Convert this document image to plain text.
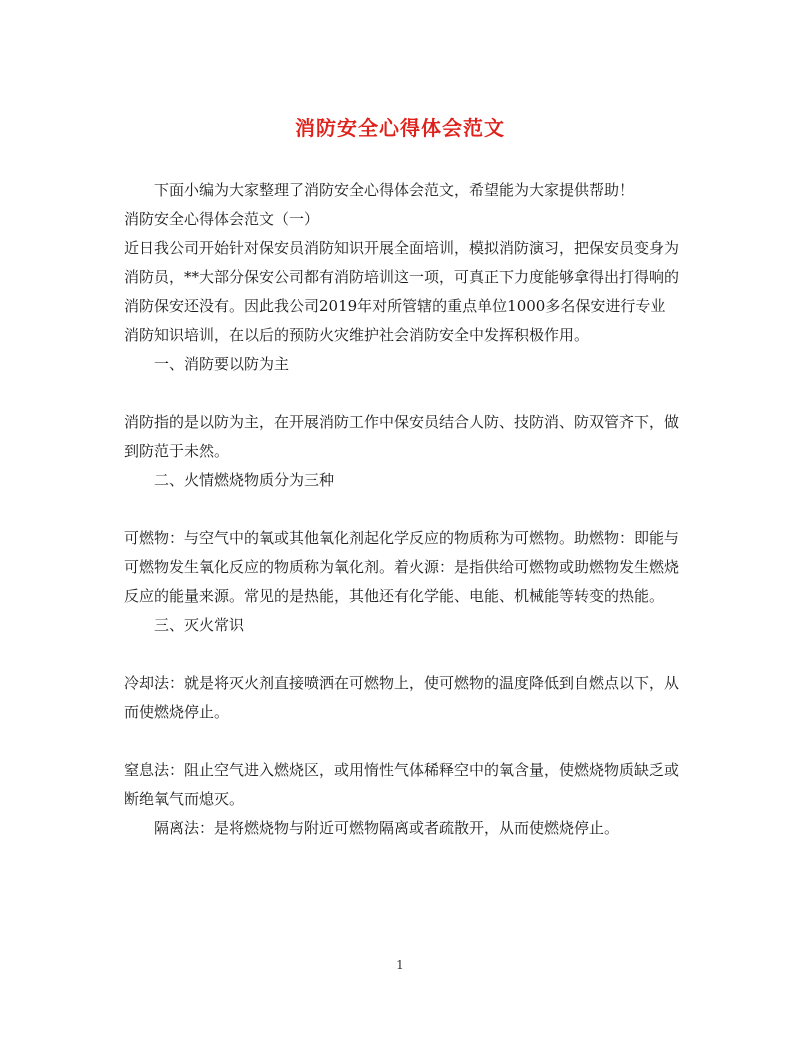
消防安全心得体会范文

下面小编为大家整理了消防安全心得体会范文，希望能为大家提供帮助！

消防安全心得体会范文（一）

近日我公司开始针对保安员消防知识开展全面培训，模拟消防演习，把保安员变身为消防员，**大部分保安公司都有消防培训这一项，可真正下力度能够拿得出打得响的消防保安还没有。因此我公司2019年对所管辖的重点单位1000多名保安进行专业消防知识培训，在以后的预防火灾维护社会消防安全中发挥积极作用。

一、消防要以防为主

消防指的是以防为主，在开展消防工作中保安员结合人防、技防消、防双管齐下，做到防范于未然。

二、火情燃烧物质分为三种

可燃物：与空气中的氧或其他氧化剂起化学反应的物质称为可燃物。助燃物：即能与可燃物发生氧化反应的物质称为氧化剂。着火源：是指供给可燃物或助燃物发生燃烧反应的能量来源。常见的是热能，其他还有化学能、电能、机械能等转变的热能。

三、灭火常识

冷却法：就是将灭火剂直接喷洒在可燃物上，使可燃物的温度降低到自燃点以下，从而使燃烧停止。

窒息法：阻止空气进入燃烧区，或用惰性气体稀释空中的氧含量，使燃烧物质缺乏或断绝氧气而熄灭。

隔离法：是将燃烧物与附近可燃物隔离或者疏散开，从而使燃烧停止。

1
